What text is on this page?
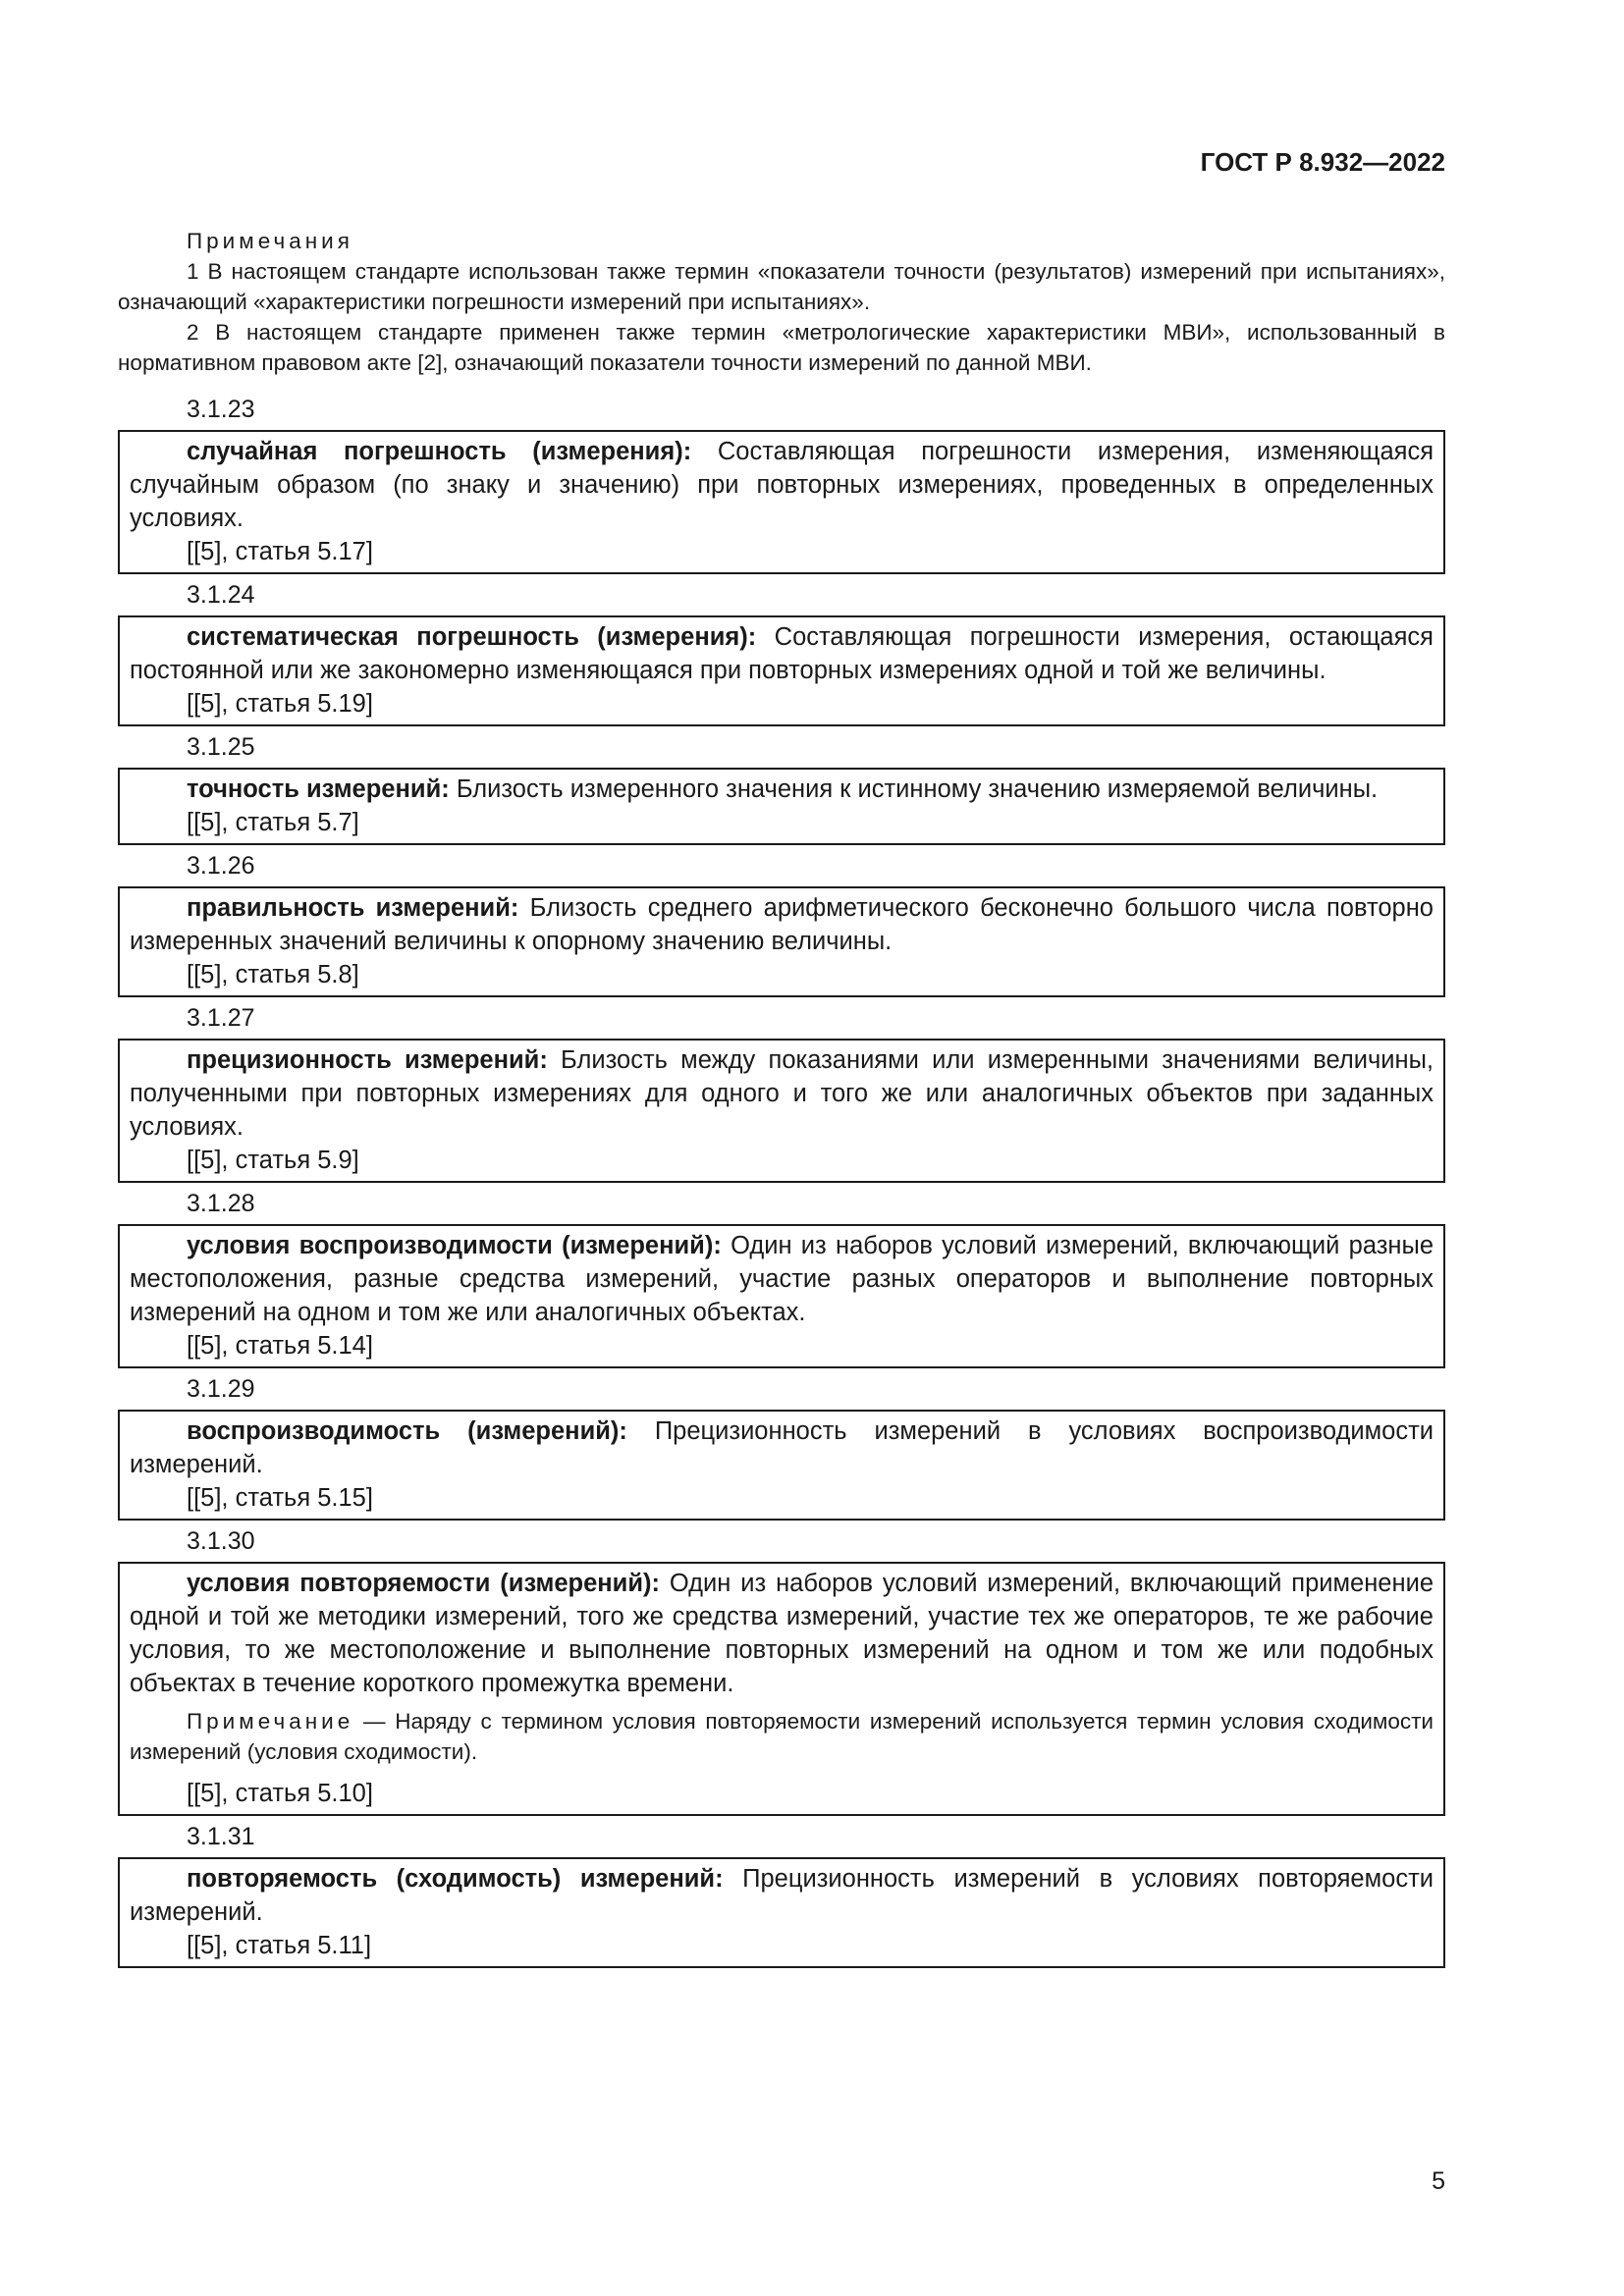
ГОСТ Р 8.932—2022
Примечания
1 В настоящем стандарте использован также термин «показатели точности (результатов) измерений при испытаниях», означающий «характеристики погрешности измерений при испытаниях».
2 В настоящем стандарте применен также термин «метрологические характеристики МВИ», использованный в нормативном правовом акте [2], означающий показатели точности измерений по данной МВИ.
3.1.23
случайная погрешность (измерения): Составляющая погрешности измерения, изменяющаяся случайным образом (по знаку и значению) при повторных измерениях, проведенных в определенных условиях.
[[5], статья 5.17]
3.1.24
систематическая погрешность (измерения): Составляющая погрешности измерения, остающаяся постоянной или же закономерно изменяющаяся при повторных измерениях одной и той же величины.
[[5], статья 5.19]
3.1.25
точность измерений: Близость измеренного значения к истинному значению измеряемой величины.
[[5], статья 5.7]
3.1.26
правильность измерений: Близость среднего арифметического бесконечно большого числа повторно измеренных значений величины к опорному значению величины.
[[5], статья 5.8]
3.1.27
прецизионность измерений: Близость между показаниями или измеренными значениями величины, полученными при повторных измерениях для одного и того же или аналогичных объектов при заданных условиях.
[[5], статья 5.9]
3.1.28
условия воспроизводимости (измерений): Один из наборов условий измерений, включающий разные местоположения, разные средства измерений, участие разных операторов и выполнение повторных измерений на одном и том же или аналогичных объектах.
[[5], статья 5.14]
3.1.29
воспроизводимость (измерений): Прецизионность измерений в условиях воспроизводимости измерений.
[[5], статья 5.15]
3.1.30
условия повторяемости (измерений): Один из наборов условий измерений, включающий применение одной и той же методики измерений, того же средства измерений, участие тех же операторов, те же рабочие условия, то же местоположение и выполнение повторных измерений на одном и том же или подобных объектах в течение короткого промежутка времени.
Примечание — Наряду с термином условия повторяемости измерений используется термин условия сходимости измерений (условия сходимости).
[[5], статья 5.10]
3.1.31
повторяемость (сходимость) измерений: Прецизионность измерений в условиях повторяемости измерений.
[[5], статья 5.11]
5
